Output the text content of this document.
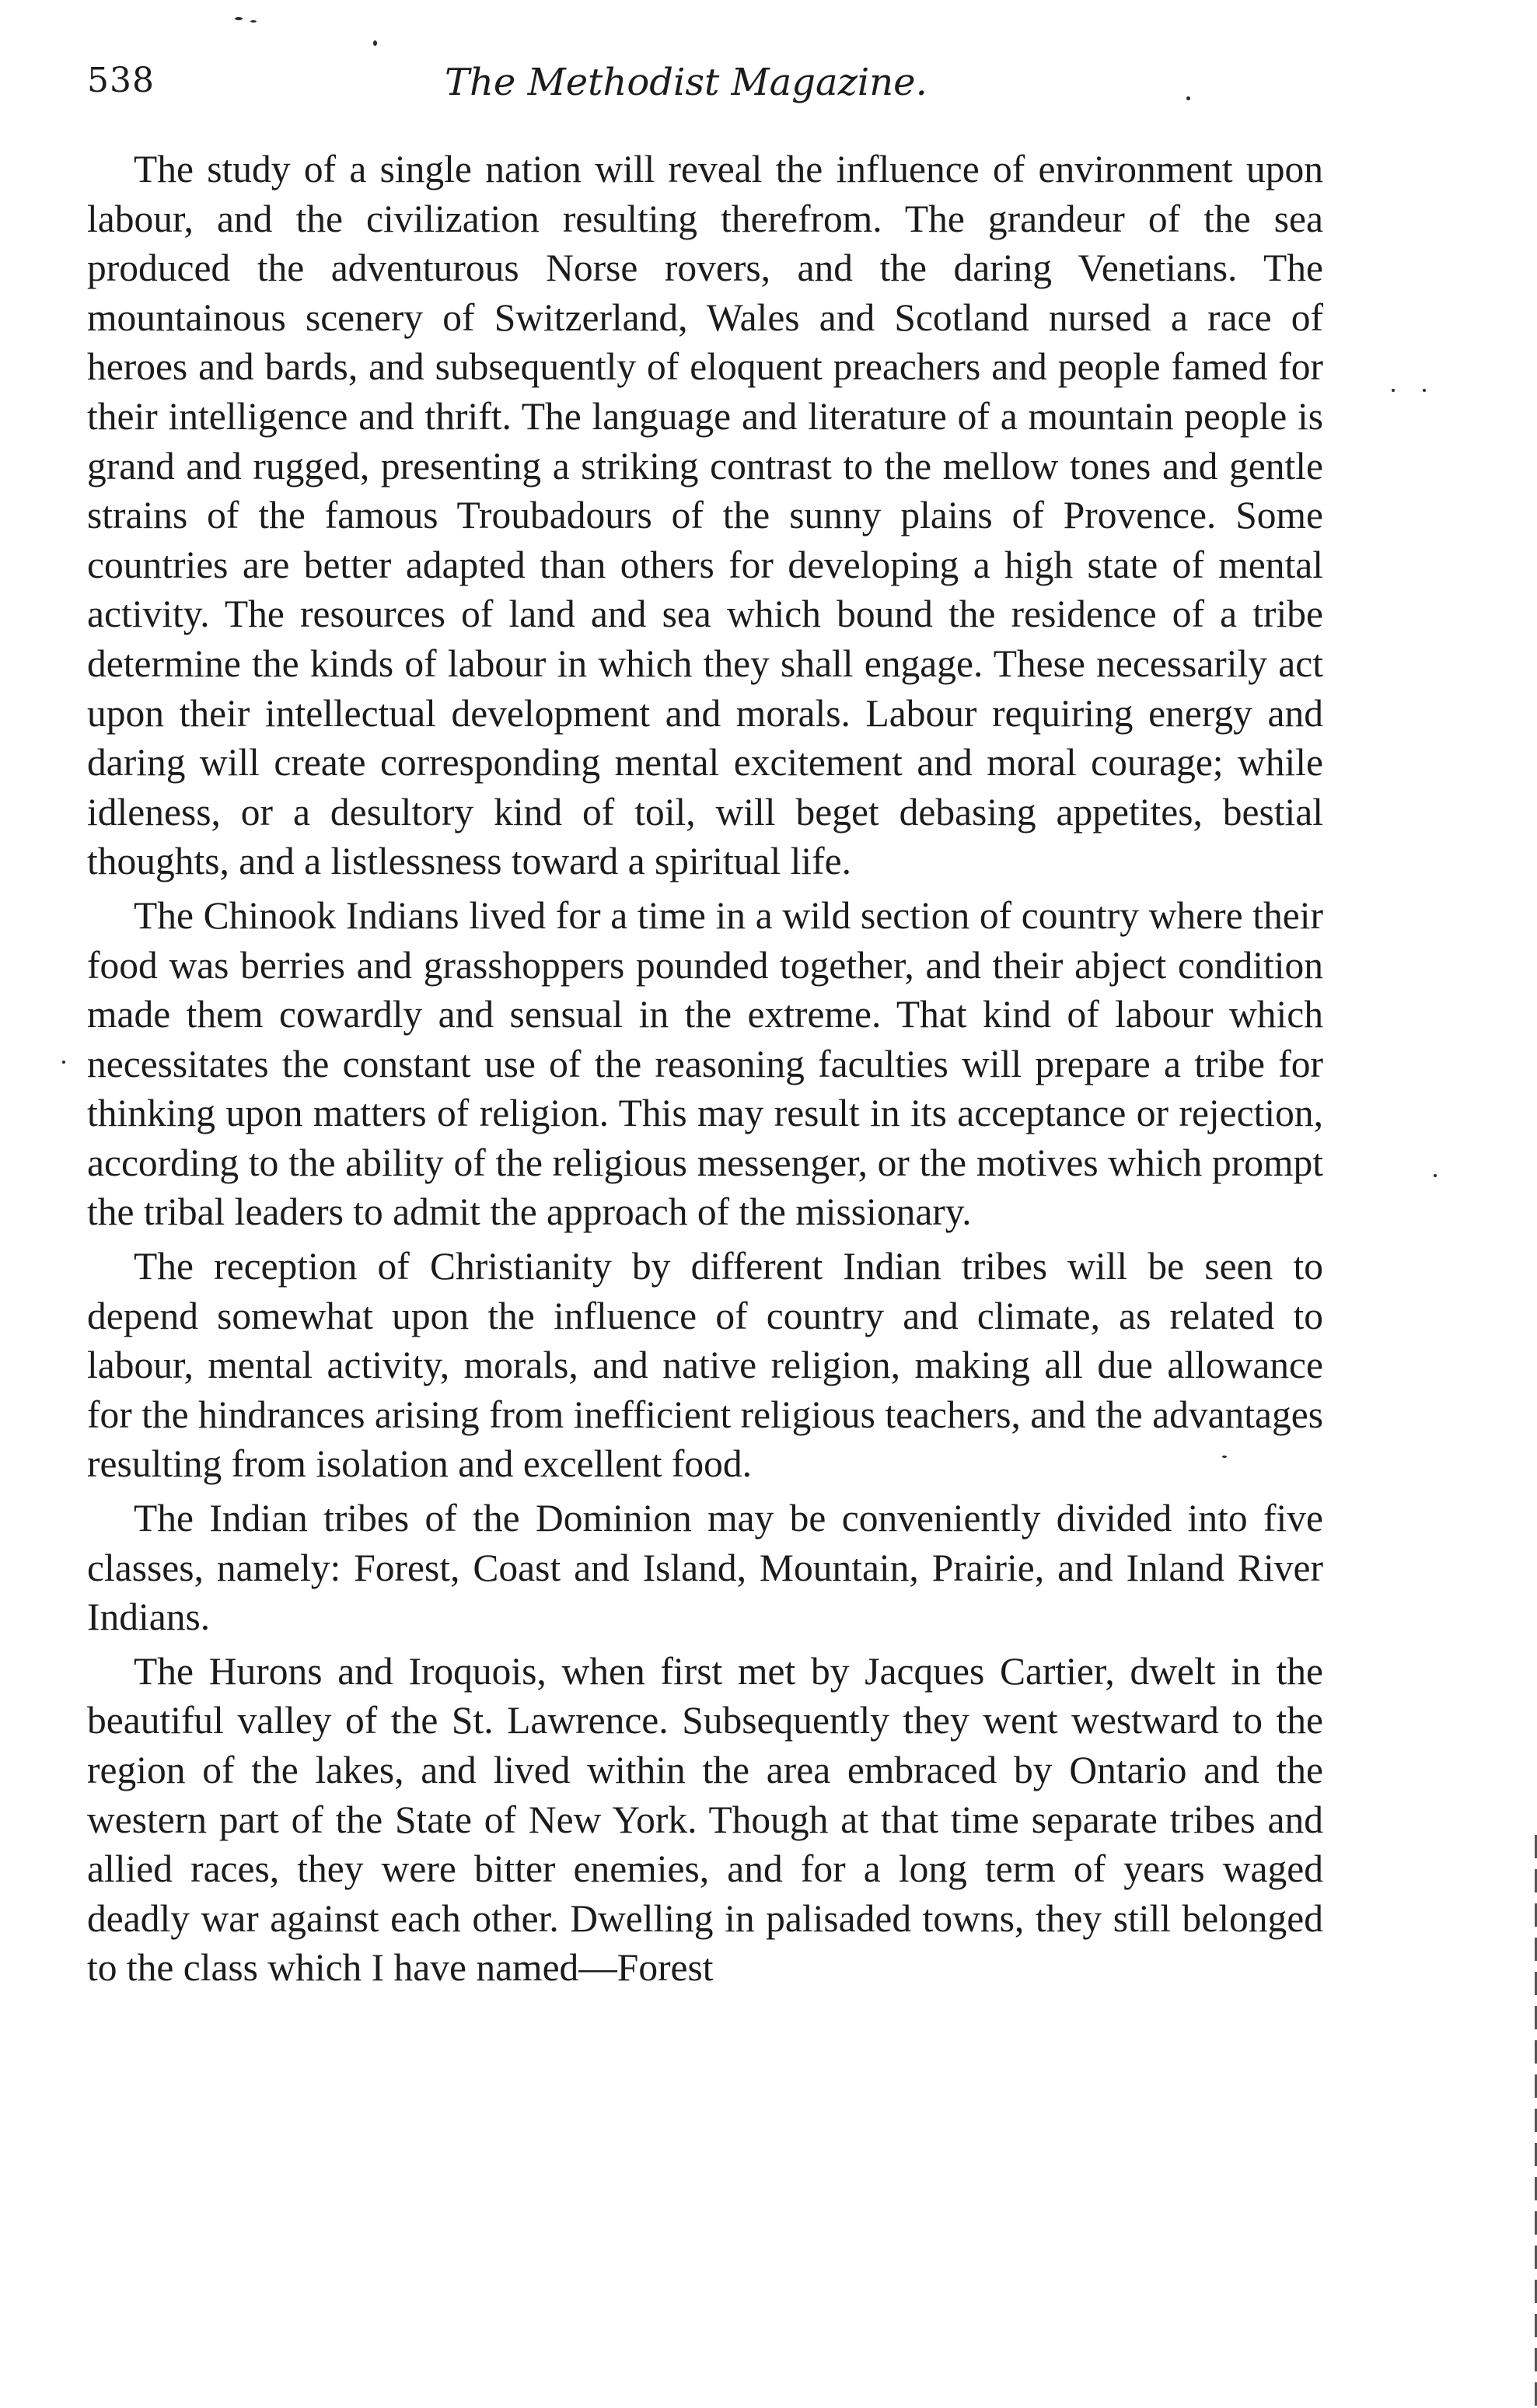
538	The Methodist Magazine.

The study of a single nation will reveal the influence of environment upon labour, and the civilization resulting therefrom. The grandeur of the sea produced the adventurous Norse rovers, and the daring Venetians. The mountainous scenery of Switzerland, Wales and Scotland nursed a race of heroes and bards, and subsequently of eloquent preachers and people famed for their intelligence and thrift. The language and literature of a mountain people is grand and rugged, presenting a striking contrast to the mellow tones and gentle strains of the famous Troubadours of the sunny plains of Provence. Some countries are better adapted than others for developing a high state of mental activity. The resources of land and sea which bound the residence of a tribe determine the kinds of labour in which they shall engage. These necessarily act upon their intellectual development and morals. Labour requiring energy and daring will create corresponding mental excitement and moral courage; while idleness, or a desultory kind of toil, will beget debasing appetites, bestial thoughts, and a listlessness toward a spiritual life.

The Chinook Indians lived for a time in a wild section of country where their food was berries and grasshoppers pounded together, and their abject condition made them cowardly and sensual in the extreme. That kind of labour which necessitates the constant use of the reasoning faculties will prepare a tribe for thinking upon matters of religion. This may result in its acceptance or rejection, according to the ability of the religious messenger, or the motives which prompt the tribal leaders to admit the approach of the missionary.

The reception of Christianity by different Indian tribes will be seen to depend somewhat upon the influence of country and climate, as related to labour, mental activity, morals, and native religion, making all due allowance for the hindrances arising from inefficient religious teachers, and the advantages resulting from isolation and excellent food.

The Indian tribes of the Dominion may be conveniently divided into five classes, namely: Forest, Coast and Island, Mountain, Prairie, and Inland River Indians.

The Hurons and Iroquois, when first met by Jacques Cartier, dwelt in the beautiful valley of the St. Lawrence. Subsequently they went westward to the region of the lakes, and lived within the area embraced by Ontario and the western part of the State of New York. Though at that time separate tribes and allied races, they were bitter enemies, and for a long term of years waged deadly war against each other. Dwelling in palisaded towns, they still belonged to the class which I have named—Forest
